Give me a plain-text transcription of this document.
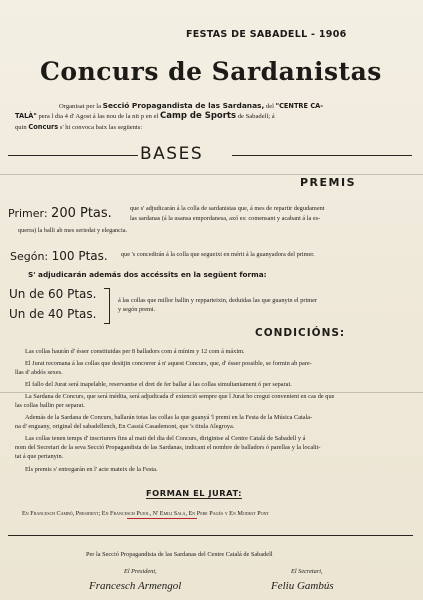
FESTAS DE SABADELL - 1906
Concurs de Sardanistas
Organisat per la Secció Propagandista de las Sardanas, del "CENTRE CA-
TALÀ" pera l dia 4 d' Agost á las nou de la nit p en el Camp de Sports de Sabadell; á
quin Concurs s' hi convoca baix las següents:
BASES
PREMIS
Primer: 200 Ptas.	que s' adjudicarán á la colla de sardanistas que, á mes de repartir degudament
las sardanas (á la usansa empordanesa, axó es: comensant y acabant á la es-
querra) la balli ab mes seriedat y elegancia.
Segón: 100 Ptas. que 's concedirán á la colla que segueixi en mérit á la guanyadora del primer.
S' adjudicarán además dos accéssits en la següent forma:
Un de 60 Ptas.
Un de 40 Ptas.
á las collas que millor ballin y repparteixin, deduidas las que guanyin el primer
y segón premi.
CONDICIÓNS:
Las collas haurán d' ésser constituidas per 8 balladors com á mínim y 12 com á máxim.
El Jurat recomana á las collas que desitjin concorrer á n' aquest Concurs, que, d' ésser possible, se formin ab pare-
llas d' abdós sexes.
El fallo del Jurat será inapelable, reservantse el dret de fer ballar á las collas simultaniament ó per separat.
La Sardana de Concurs, que será inédita, será adjudicada d' extenció sempre que l Jurat ho cregui convenient en cas de que
las collas ballin per separat.
Además de la Sardana de Concurs, ballarán totas las collas la que guanyá 'l premi en la Festa de la Música Catala-
na d' enguany, original del sabadellench, En Cassiá Casademont, que 's titula Alegroya.
Las collas tenen temps d' inscriurers fins al mati del dia del Concurs, dirigintse al Centre Catalá de Sabadell y á
nom del Secretari de la seva Secció Propagandista de las Sardanas, indicant el nombre de balladors ó parellas y la localit-
tat á que pertanyin.
Els premis s' entregarán en l' acte mateix de la Festa.
FORMAN EL JURAT:
En Francesch Cambó, President; En Francesch Pujol, N' Emili Sala, En Pere Pagés y En Modest Pont
Per la Secció Propagandista de las Sardanas del Centre Catalá de Sabadell
El President,	El Secretari,
Francesch Armengol	Feliu Gambús
